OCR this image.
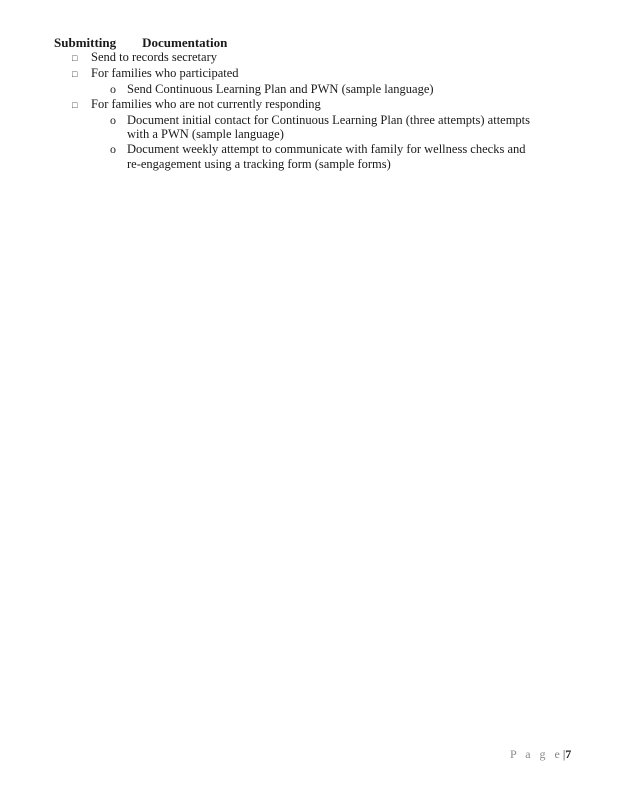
Submitting Documentation
□ Send to records secretary
□ For families who participated
o Send Continuous Learning Plan and PWN (sample language)
□ For families who are not currently responding
o Document initial contact for Continuous Learning Plan (three attempts) attempts
with a PWN (sample language)
o Document weekly attempt to communicate with family for wellness checks and
re-engagement using a tracking form (sample forms)
P a g e|7
